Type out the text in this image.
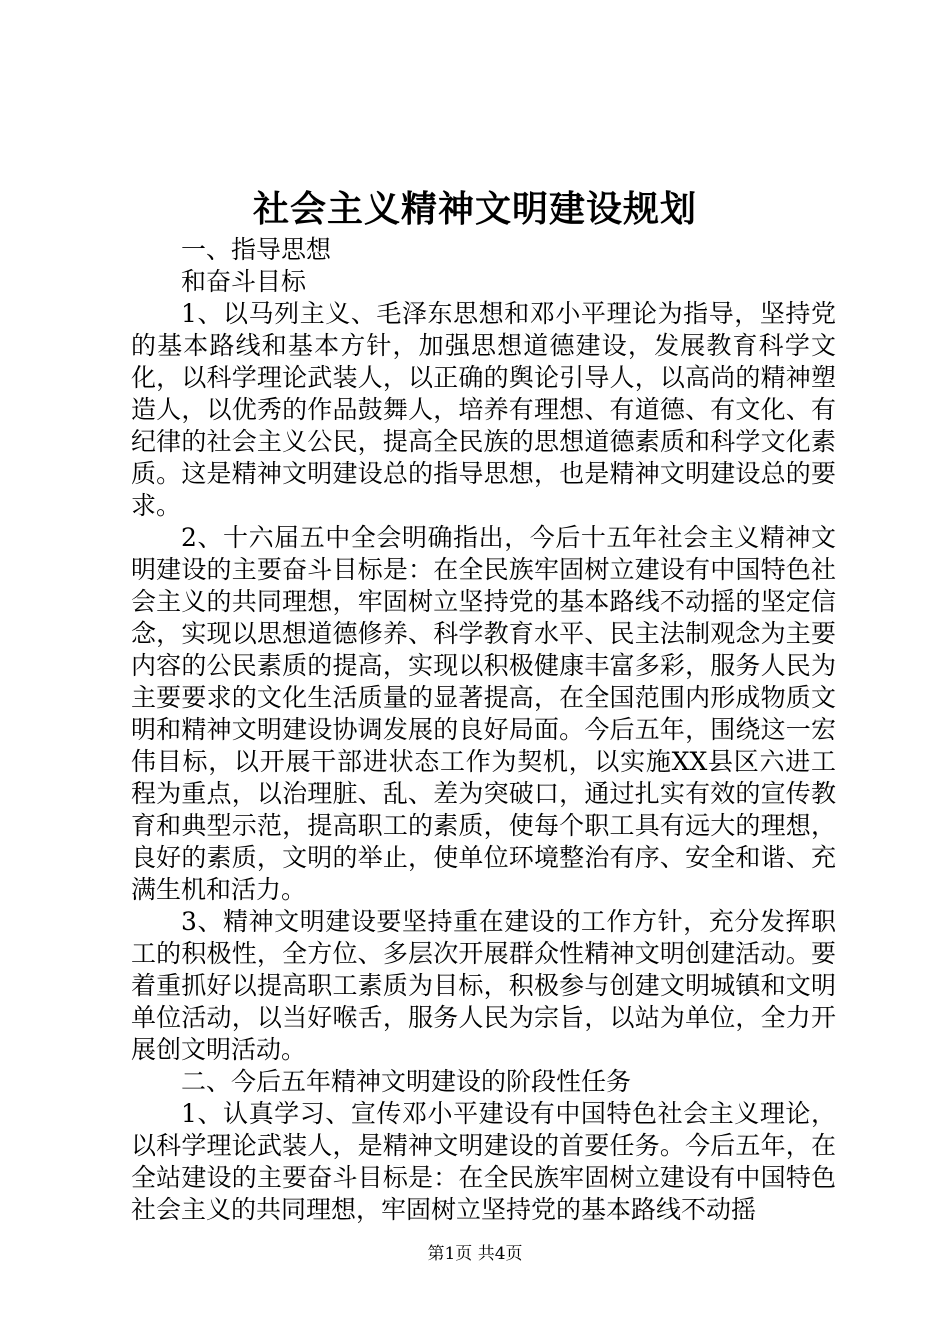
社会主义精神文明建设规划

一、指导思想

和奋斗目标

1、以马列主义、毛泽东思想和邓小平理论为指导，坚持党的基本路线和基本方针，加强思想道德建设，发展教育科学文化，以科学理论武装人，以正确的舆论引导人，以高尚的精神塑造人，以优秀的作品鼓舞人，培养有理想、有道德、有文化、有纪律的社会主义公民，提高全民族的思想道德素质和科学文化素质。这是精神文明建设总的指导思想，也是精神文明建设总的要求。

2、十六届五中全会明确指出，今后十五年社会主义精神文明建设的主要奋斗目标是：在全民族牢固树立建设有中国特色社会主义的共同理想，牢固树立坚持党的基本路线不动摇的坚定信念，实现以思想道德修养、科学教育水平、民主法制观念为主要内容的公民素质的提高，实现以积极健康丰富多彩，服务人民为主要要求的文化生活质量的显著提高，在全国范围内形成物质文明和精神文明建设协调发展的良好局面。今后五年，围绕这一宏伟目标，以开展干部进状态工作为契机，以实施XX县区六进工程为重点，以治理脏、乱、差为突破口，通过扎实有效的宣传教育和典型示范，提高职工的素质，使每个职工具有远大的理想，良好的素质，文明的举止，使单位环境整治有序、安全和谐、充满生机和活力。

3、精神文明建设要坚持重在建设的工作方针，充分发挥职工的积极性，全方位、多层次开展群众性精神文明创建活动。要着重抓好以提高职工素质为目标，积极参与创建文明城镇和文明单位活动，以当好喉舌，服务人民为宗旨，以站为单位，全力开展创文明活动。

二、今后五年精神文明建设的阶段性任务

1、认真学习、宣传邓小平建设有中国特色社会主义理论，以科学理论武装人，是精神文明建设的首要任务。今后五年，在全站建设的主要奋斗目标是：在全民族牢固树立建设有中国特色社会主义的共同理想，牢固树立坚持党的基本路线不动摇

第1页 共4页
